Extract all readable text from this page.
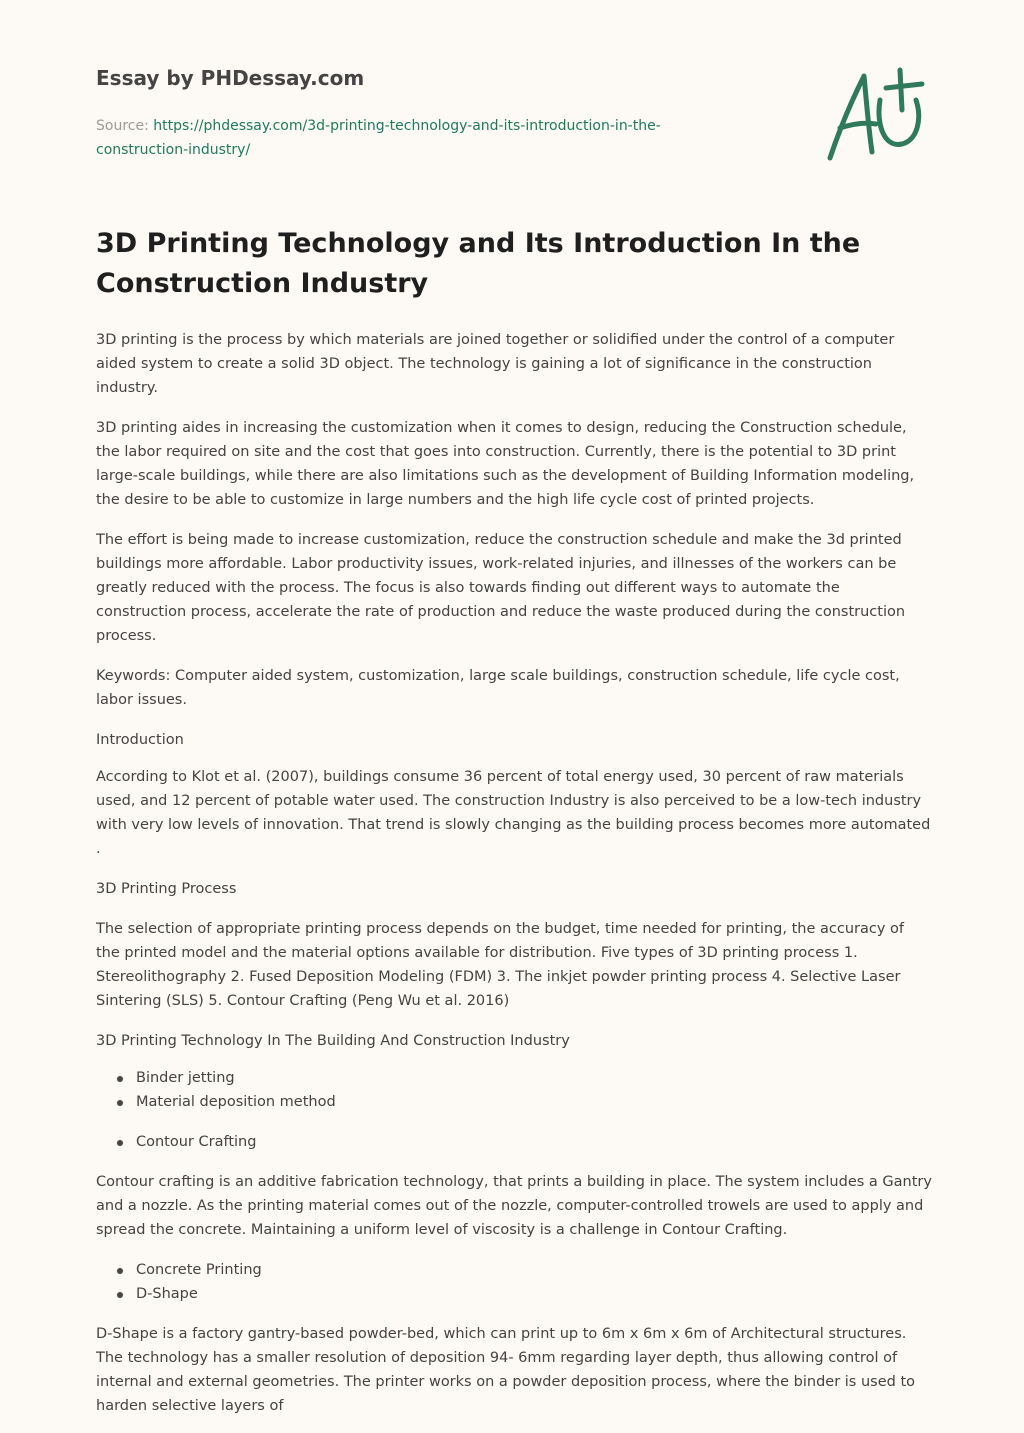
Essay by PHDessay.com
Source: https://phdessay.com/3d-printing-technology-and-its-introduction-in-the-
construction-industry/
3D Printing Technology and Its Introduction In the Construction Industry

3D printing is the process by which materials are joined together or solidified under the control of a computer aided system to create a solid 3D object. The technology is gaining a lot of significance in the construction industry.

3D printing aides in increasing the customization when it comes to design, reducing the Construction schedule, the labor required on site and the cost that goes into construction. Currently, there is the potential to 3D print large-scale buildings, while there are also limitations such as the development of Building Information modeling, the desire to be able to customize in large numbers and the high life cycle cost of printed projects.

The effort is being made to increase customization, reduce the construction schedule and make the 3d printed buildings more affordable. Labor productivity issues, work-related injuries, and illnesses of the workers can be greatly reduced with the process. The focus is also towards finding out different ways to automate the construction process, accelerate the rate of production and reduce the waste produced during the construction process.

Keywords: Computer aided system, customization, large scale buildings, construction schedule, life cycle cost, labor issues.

Introduction

According to Klot et al. (2007), buildings consume 36 percent of total energy used, 30 percent of raw materials used, and 12 percent of potable water used. The construction Industry is also perceived to be a low-tech industry with very low levels of innovation. That trend is slowly changing as the building process becomes more automated .

3D Printing Process

The selection of appropriate printing process depends on the budget, time needed for printing, the accuracy of the printed model and the material options available for distribution. Five types of 3D printing process 1. Stereolithography 2. Fused Deposition Modeling (FDM) 3. The inkjet powder printing process 4. Selective Laser Sintering (SLS) 5. Contour Crafting (Peng Wu et al. 2016)

3D Printing Technology In The Building And Construction Industry

Binder jetting
Material deposition method
Contour Crafting

Contour crafting is an additive fabrication technology, that prints a building in place. The system includes a Gantry and a nozzle. As the printing material comes out of the nozzle, computer-controlled trowels are used to apply and spread the concrete. Maintaining a uniform level of viscosity is a challenge in Contour Crafting.

Concrete Printing
D-Shape

D-Shape is a factory gantry-based powder-bed, which can print up to 6m x 6m x 6m of Architectural structures. The technology has a smaller resolution of deposition 94- 6mm regarding layer depth, thus allowing control of internal and external geometries. The printer works on a powder deposition process, where the binder is used to harden selective layers of
